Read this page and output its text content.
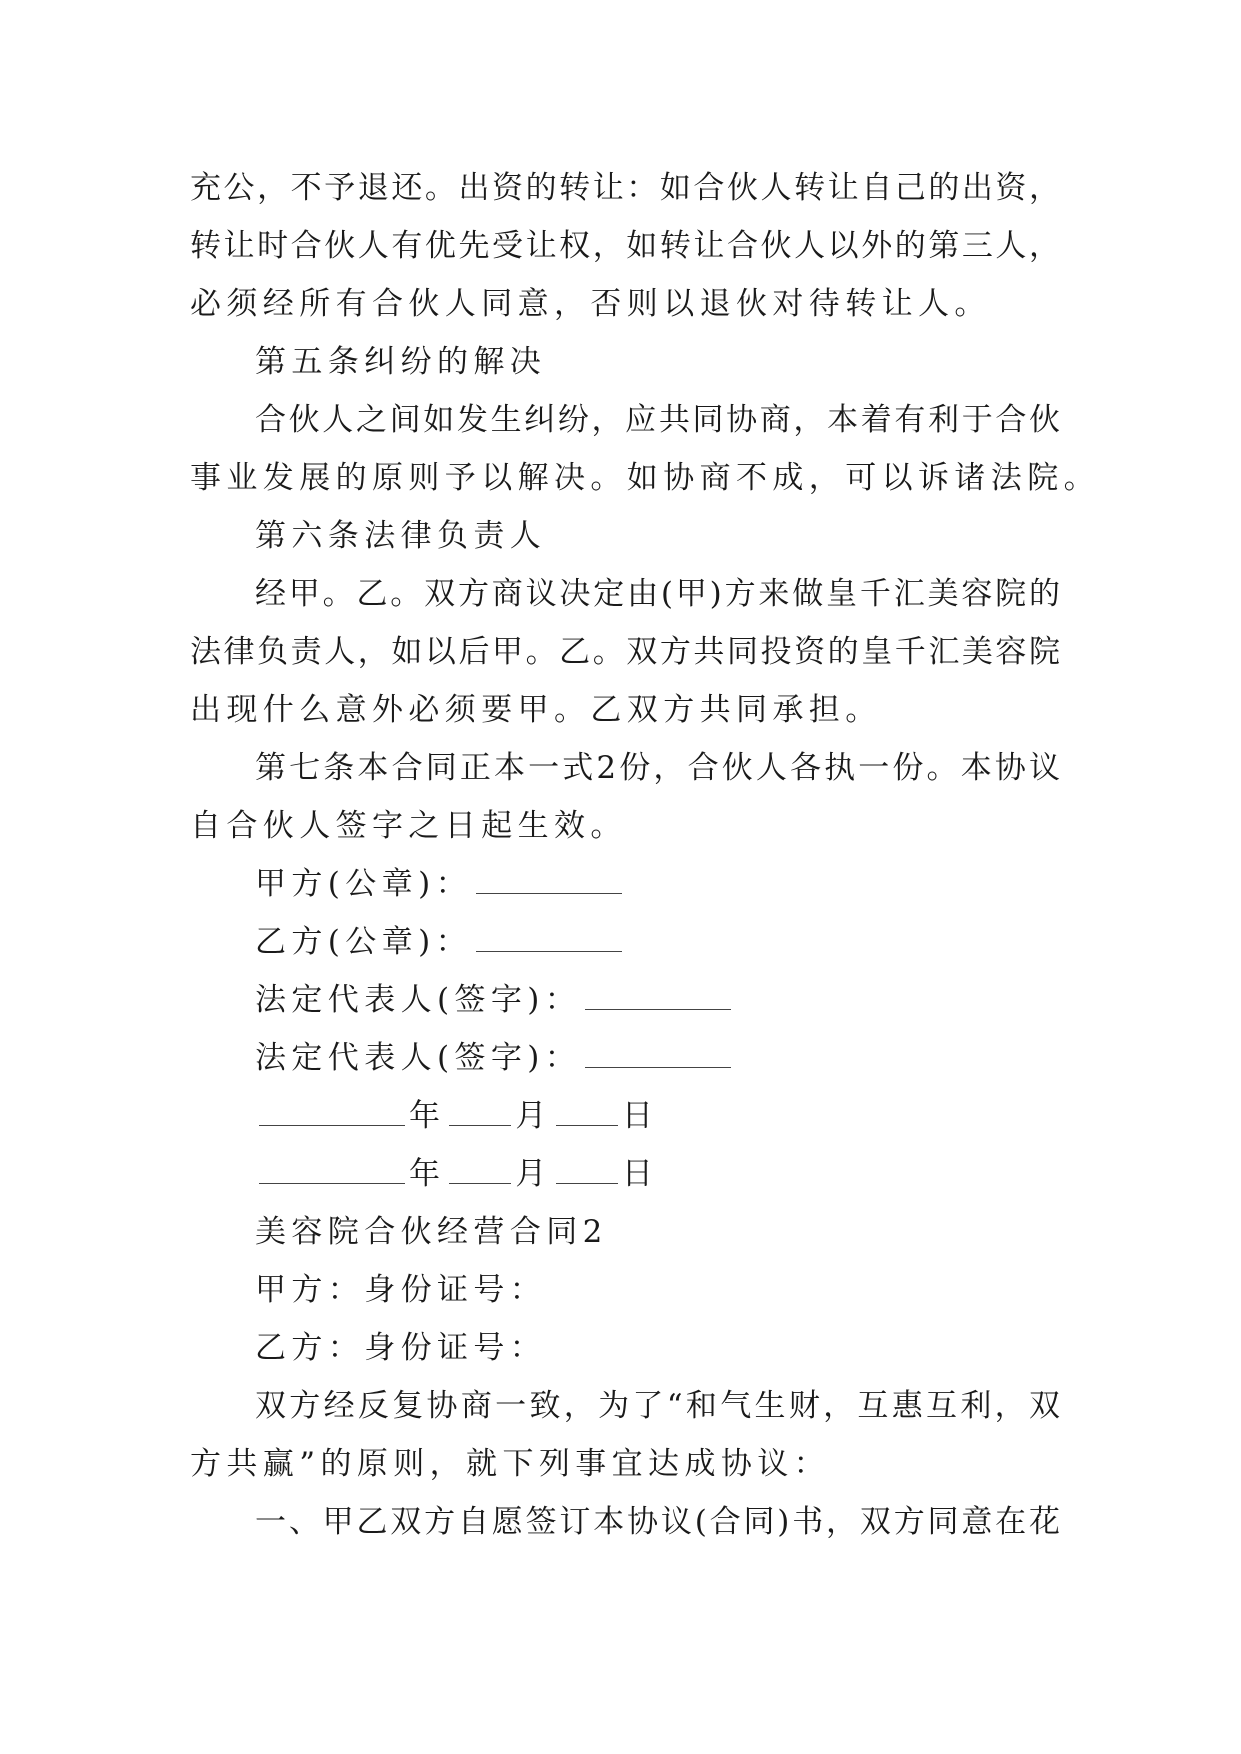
充公，不予退还。出资的转让：如合伙人转让自己的出资，
转让时合伙人有优先受让权，如转让合伙人以外的第三人，
必须经所有合伙人同意，否则以退伙对待转让人。
第五条纠纷的解决
合伙人之间如发生纠纷，应共同协商，本着有利于合伙
事业发展的原则予以解决。如协商不成，可以诉诸法院。
第六条法律负责人
经甲。乙。双方商议决定由(甲)方来做皇千汇美容院的
法律负责人，如以后甲。乙。双方共同投资的皇千汇美容院
出现什么意外必须要甲。乙双方共同承担。
第七条本合同正本一式2份，合伙人各执一份。本协议
自合伙人签字之日起生效。
甲方(公章)：
乙方(公章)：
法定代表人(签字)：
法定代表人(签字)：
年 月 日
年 月 日
美容院合伙经营合同2
甲方：身份证号：
乙方：身份证号：
双方经反复协商一致，为了“和气生财，互惠互利，双
方共赢”的原则，就下列事宜达成协议：
一、甲乙双方自愿签订本协议(合同)书，双方同意在花
